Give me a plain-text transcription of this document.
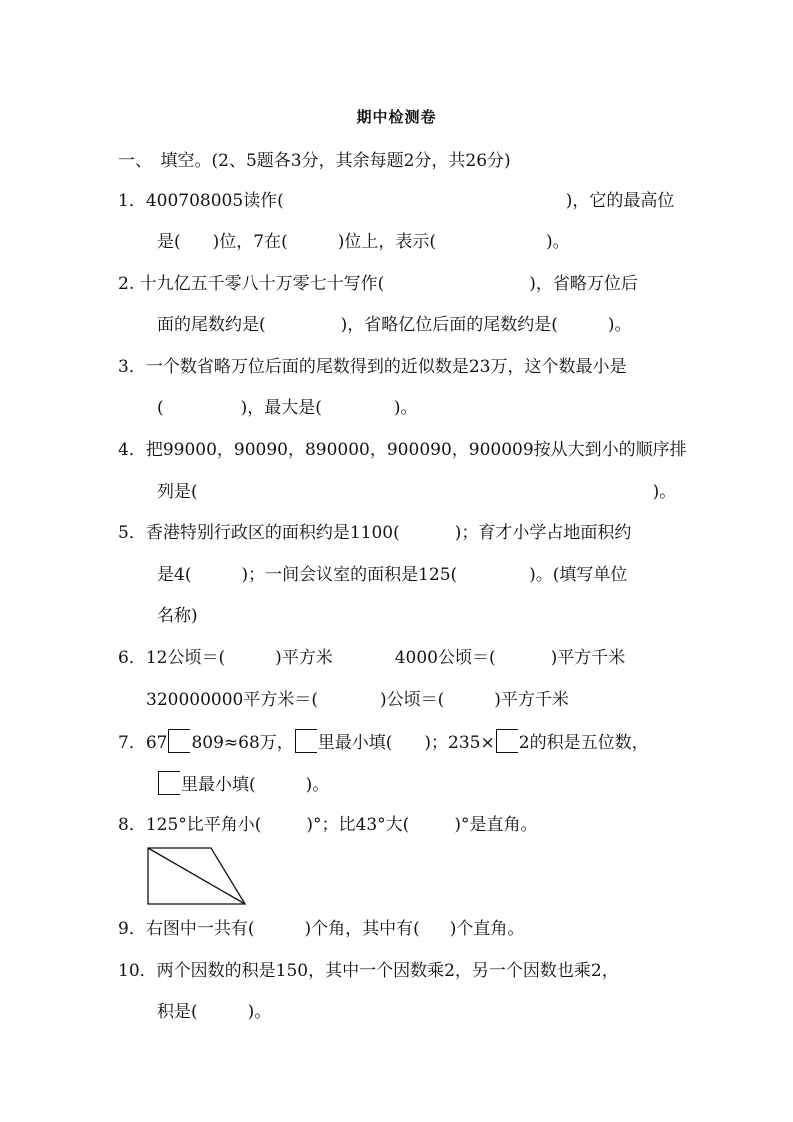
期中检测卷
一、　填空。(2、5题各3分，其余每题2分，共26分)
1．400708005读作(	)，它的最高位
是( )位，7在(	)位上，表示(	)。
2. 十九亿五千零八十万零七十写作(	)，省略万位后
面的尾数约是(	)，省略亿位后面的尾数约是(	)。
3．一个数省略万位后面的尾数得到的近似数是23万，这个数最小是
(	)，最大是(	)。
4．把99000，90090，890000，900090，900009按从大到小的顺序排
列是(	)。
5．香港特别行政区的面积约是1100(	)；育才小学占地面积约
是4(	)；一间会议室的面积是125(	)。(填写单位
名称)
6．12公顷＝(	)平方米	4000公顷＝(	)平方千米
320000000平方米＝(	)公顷＝(	)平方千米
7．67 809≈68万， 里最小填( )；235× 2的积是五位数，
里最小填(	)。
8．125°比平角小(	)°；比43°大(	)°是直角。
9．右图中一共有(	)个角，其中有( )个直角。
10．两个因数的积是150，其中一个因数乘2，另一个因数也乘2，
积是(	)。
